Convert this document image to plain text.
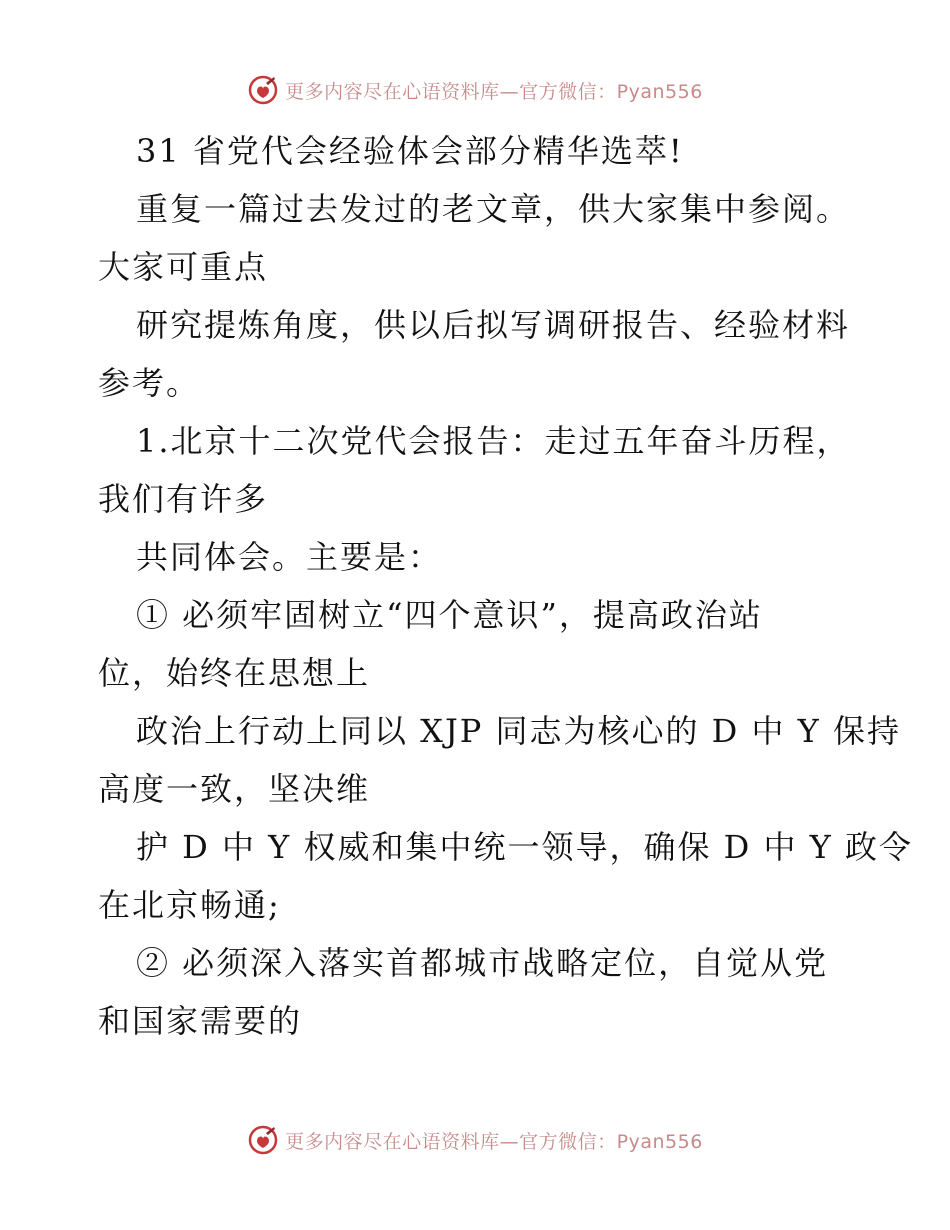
更多内容尽在心语资料库—官方微信：Pyan556
31 省党代会经验体会部分精华选萃!
重复一篇过去发过的老文章，供大家集中参阅。
大家可重点
研究提炼角度，供以后拟写调研报告、经验材料
参考。
1.北京十二次党代会报告：走过五年奋斗历程，
我们有许多
共同体会。主要是：
① 必须牢固树立“四个意识”，提高政治站
位，始终在思想上
政治上行动上同以 XJP 同志为核心的 D 中 Y 保持
高度一致，坚决维
护 D 中 Y 权威和集中统一领导，确保 D 中 Y 政令
在北京畅通;
② 必须深入落实首都城市战略定位，自觉从党
和国家需要的
更多内容尽在心语资料库—官方微信：Pyan556
